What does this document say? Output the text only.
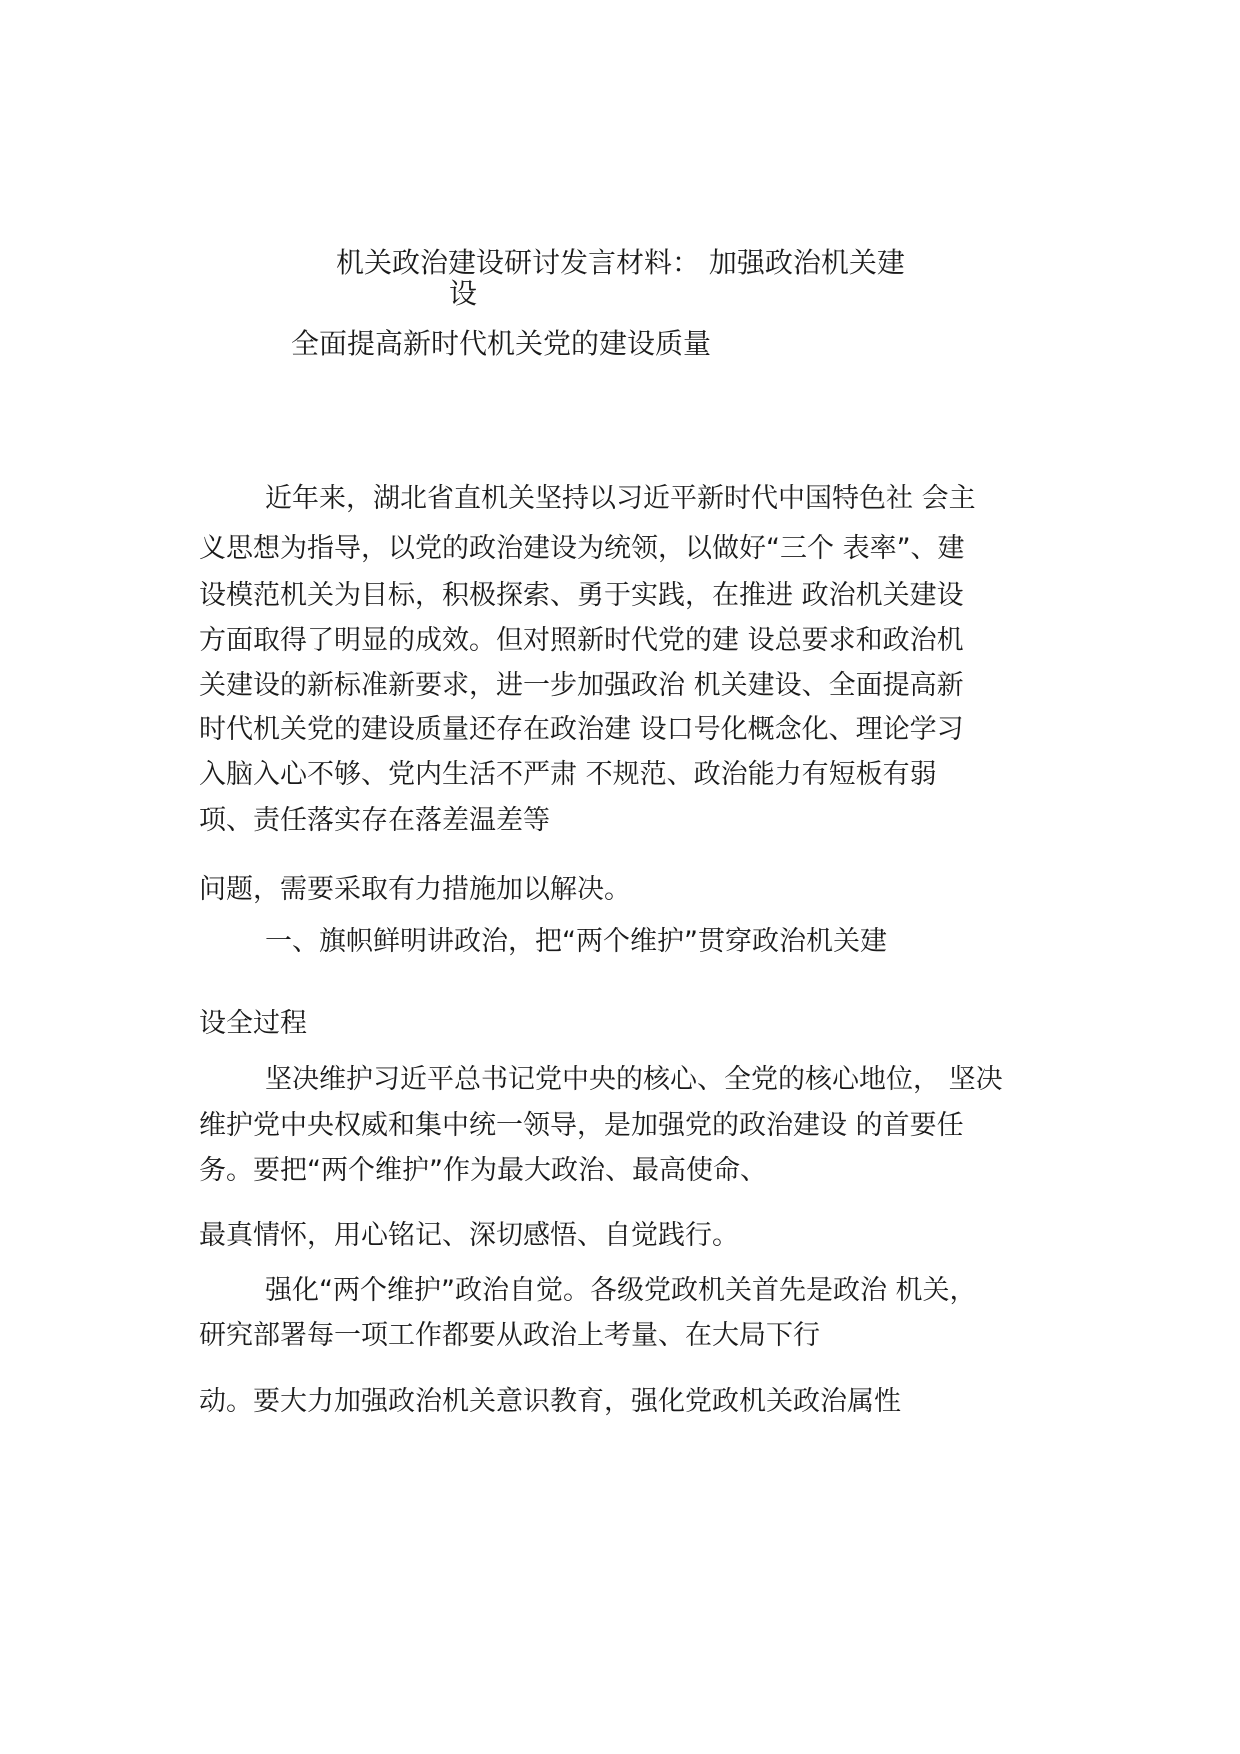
机关政治建设研讨发言材料： 加强政治机关建
设
全面提高新时代机关党的建设质量
近年来，湖北省直机关坚持以习近平新时代中国特色社 会主
义思想为指导，以党的政治建设为统领，以做好“三个 表率”、建
设模范机关为目标，积极探索、勇于实践，在推进 政治机关建设
方面取得了明显的成效。但对照新时代党的建 设总要求和政治机
关建设的新标准新要求，进一步加强政治 机关建设、全面提高新
时代机关党的建设质量还存在政治建 设口号化概念化、理论学习
入脑入心不够、党内生活不严肃 不规范、政治能力有短板有弱
项、责任落实存在落差温差等
问题，需要采取有力措施加以解决。
一、旗帜鲜明讲政治，把“两个维护”贯穿政治机关建
设全过程
坚决维护习近平总书记党中央的核心、全党的核心地位， 坚决
维护党中央权威和集中统一领导，是加强党的政治建设 的首要任
务。要把“两个维护”作为最大政治、最高使命、
最真情怀，用心铭记、深切感悟、自觉践行。
强化“两个维护”政治自觉。各级党政机关首先是政治 机关，
研究部署每一项工作都要从政治上考量、在大局下行
动。要大力加强政治机关意识教育，强化党政机关政治属性
